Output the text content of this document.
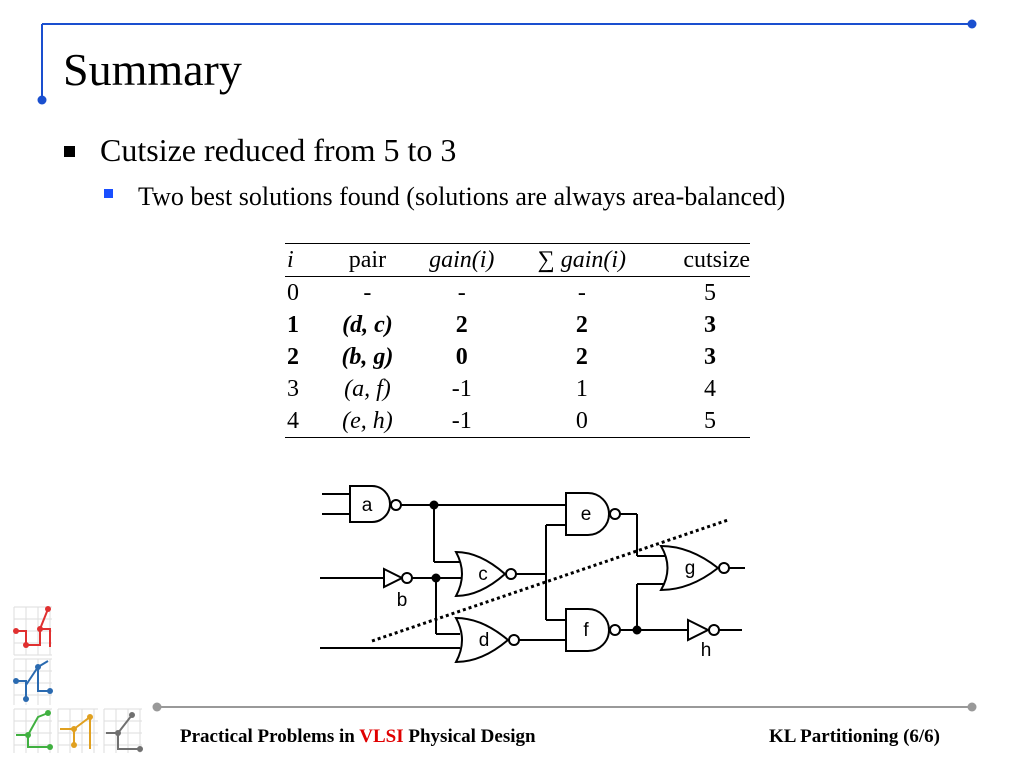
Summary
Cutsize reduced from 5 to 3
Two best solutions found (solutions are always area-balanced)
i	pair	gain(i)	∑ gain(i)	cutsize
0	-	-	-	5
1	(d, c)	2	2	3
2	(b, g)	0	2	3
3	(a, f)	-1	1	4
4	(e, h)	-1	0	5
a
b
c
d
e
f
g
h
Practical Problems in VLSI Physical Design	KL Partitioning (6/6)
